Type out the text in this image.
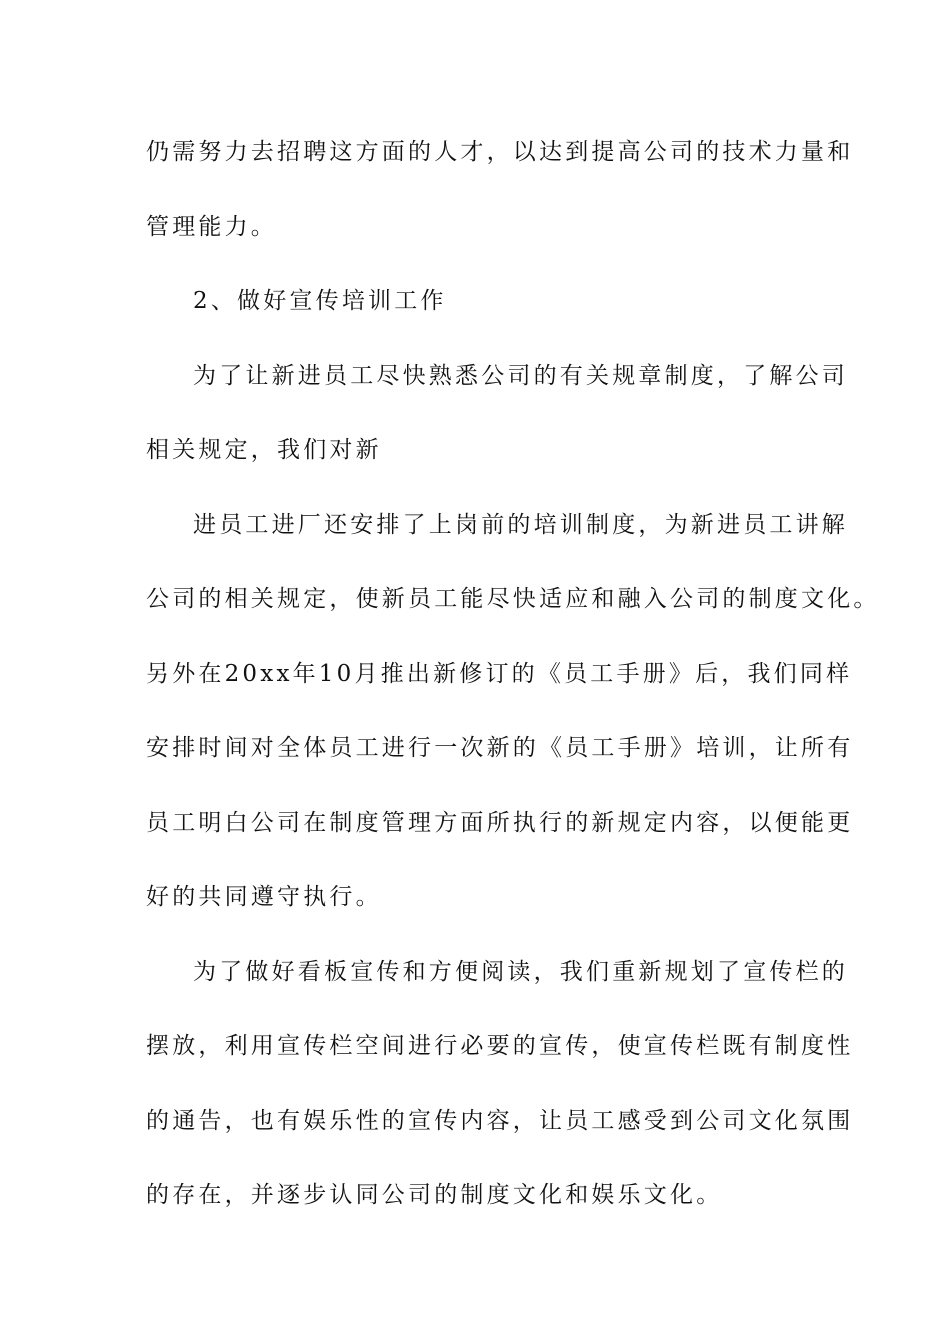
仍需努力去招聘这方面的人才，以达到提高公司的技术力量和
管理能力。
2、做好宣传培训工作
为了让新进员工尽快熟悉公司的有关规章制度，了解公司
相关规定，我们对新
进员工进厂还安排了上岗前的培训制度，为新进员工讲解
公司的相关规定，使新员工能尽快适应和融入公司的制度文化。
另外在20xx年10月推出新修订的《员工手册》后，我们同样
安排时间对全体员工进行一次新的《员工手册》培训，让所有
员工明白公司在制度管理方面所执行的新规定内容，以便能更
好的共同遵守执行。
为了做好看板宣传和方便阅读，我们重新规划了宣传栏的
摆放，利用宣传栏空间进行必要的宣传，使宣传栏既有制度性
的通告，也有娱乐性的宣传内容，让员工感受到公司文化氛围
的存在，并逐步认同公司的制度文化和娱乐文化。
